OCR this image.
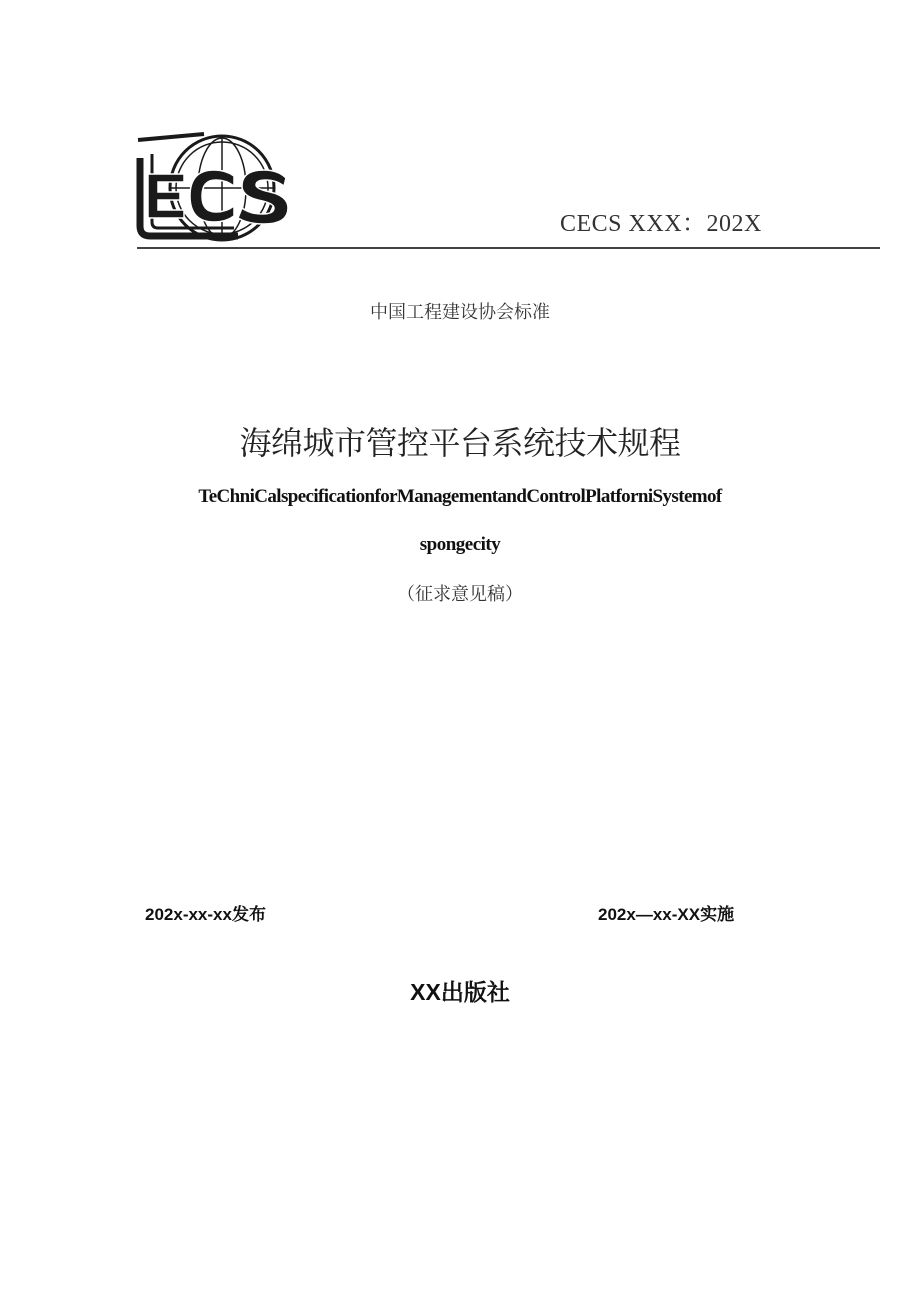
CECS XXX：202X
中国工程建设协会标准
海绵城市管控平台系统技术规程
TeChniCalspecificationforManagementandControlPlatforniSystemof
spongecity
（征求意见稿）
202x-xx-xx发布	202x—xx-XX实施
XX出版社
